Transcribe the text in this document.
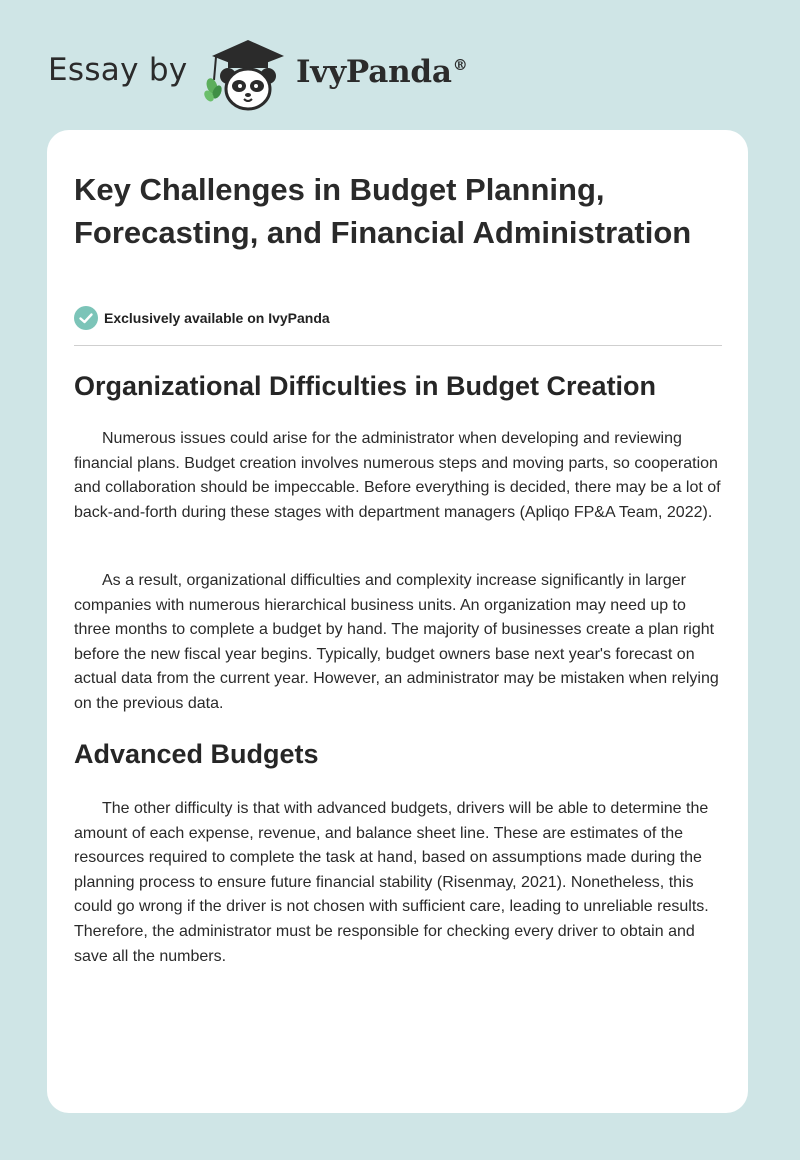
Essay by	IvyPanda®
Key Challenges in Budget Planning, Forecasting, and Financial Administration
Exclusively available on IvyPanda
Organizational Difficulties in Budget Creation

Numerous issues could arise for the administrator when developing and reviewing financial plans. Budget creation involves numerous steps and moving parts, so cooperation and collaboration should be impeccable. Before everything is decided, there may be a lot of back-and-forth during these stages with department managers (Apliqo FP&A Team, 2022).

As a result, organizational difficulties and complexity increase significantly in larger companies with numerous hierarchical business units. An organization may need up to three months to complete a budget by hand. The majority of businesses create a plan right before the new fiscal year begins. Typically, budget owners base next year's forecast on actual data from the current year. However, an administrator may be mistaken when relying on the previous data.

Advanced Budgets

The other difficulty is that with advanced budgets, drivers will be able to determine the amount of each expense, revenue, and balance sheet line. These are estimates of the resources required to complete the task at hand, based on assumptions made during the planning process to ensure future financial stability (Risenmay, 2021). Nonetheless, this could go wrong if the driver is not chosen with sufficient care, leading to unreliable results. Therefore, the administrator must be responsible for checking every driver to obtain and save all the numbers.
